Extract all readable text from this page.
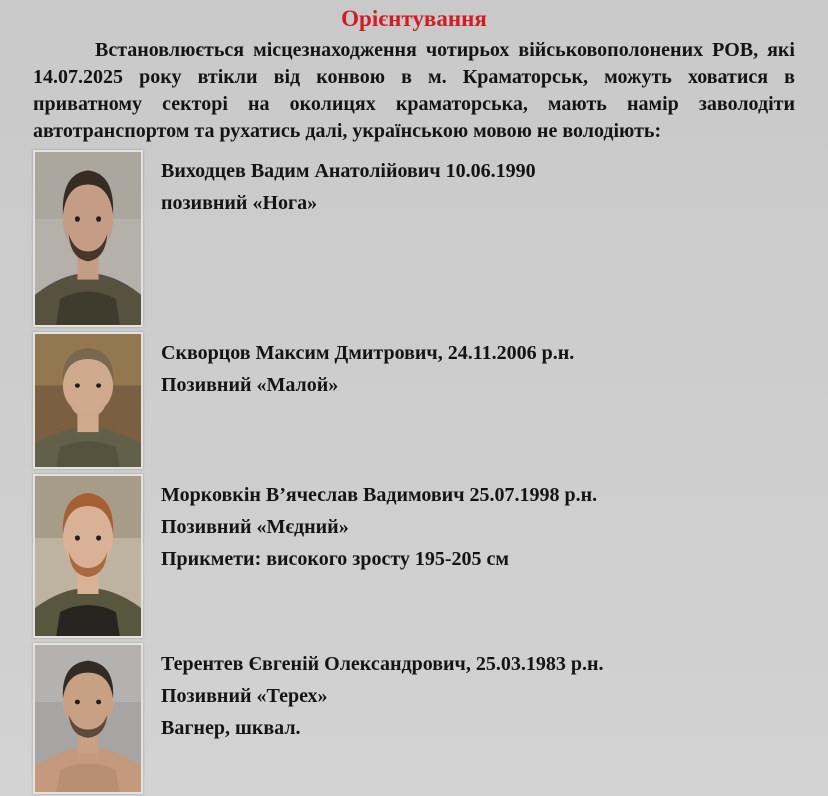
Орієнтування
Встановлюється місцезнаходження чотирьох військовополонених РОВ, які
14.07.2025 року втікли від конвою в м. Краматорськ, можуть ховатися в
приватному секторі на околицях краматорська, мають намір заволодіти
автотранспортом та рухатись далі, українською мовою не володіють:
Виходцев Вадим Анатолійович 10.06.1990
позивний «Нога»
Скворцов Максим Дмитрович, 24.11.2006 р.н.
Позивний «Малой»
Морковкін В’ячеслав Вадимович 25.07.1998 р.н.
Позивний «Мєдний»
Прикмети: високого зросту 195-205 см
Терентев Євгеній Олександрович, 25.03.1983 р.н.
Позивний «Терех»
Вагнер, шквал.
